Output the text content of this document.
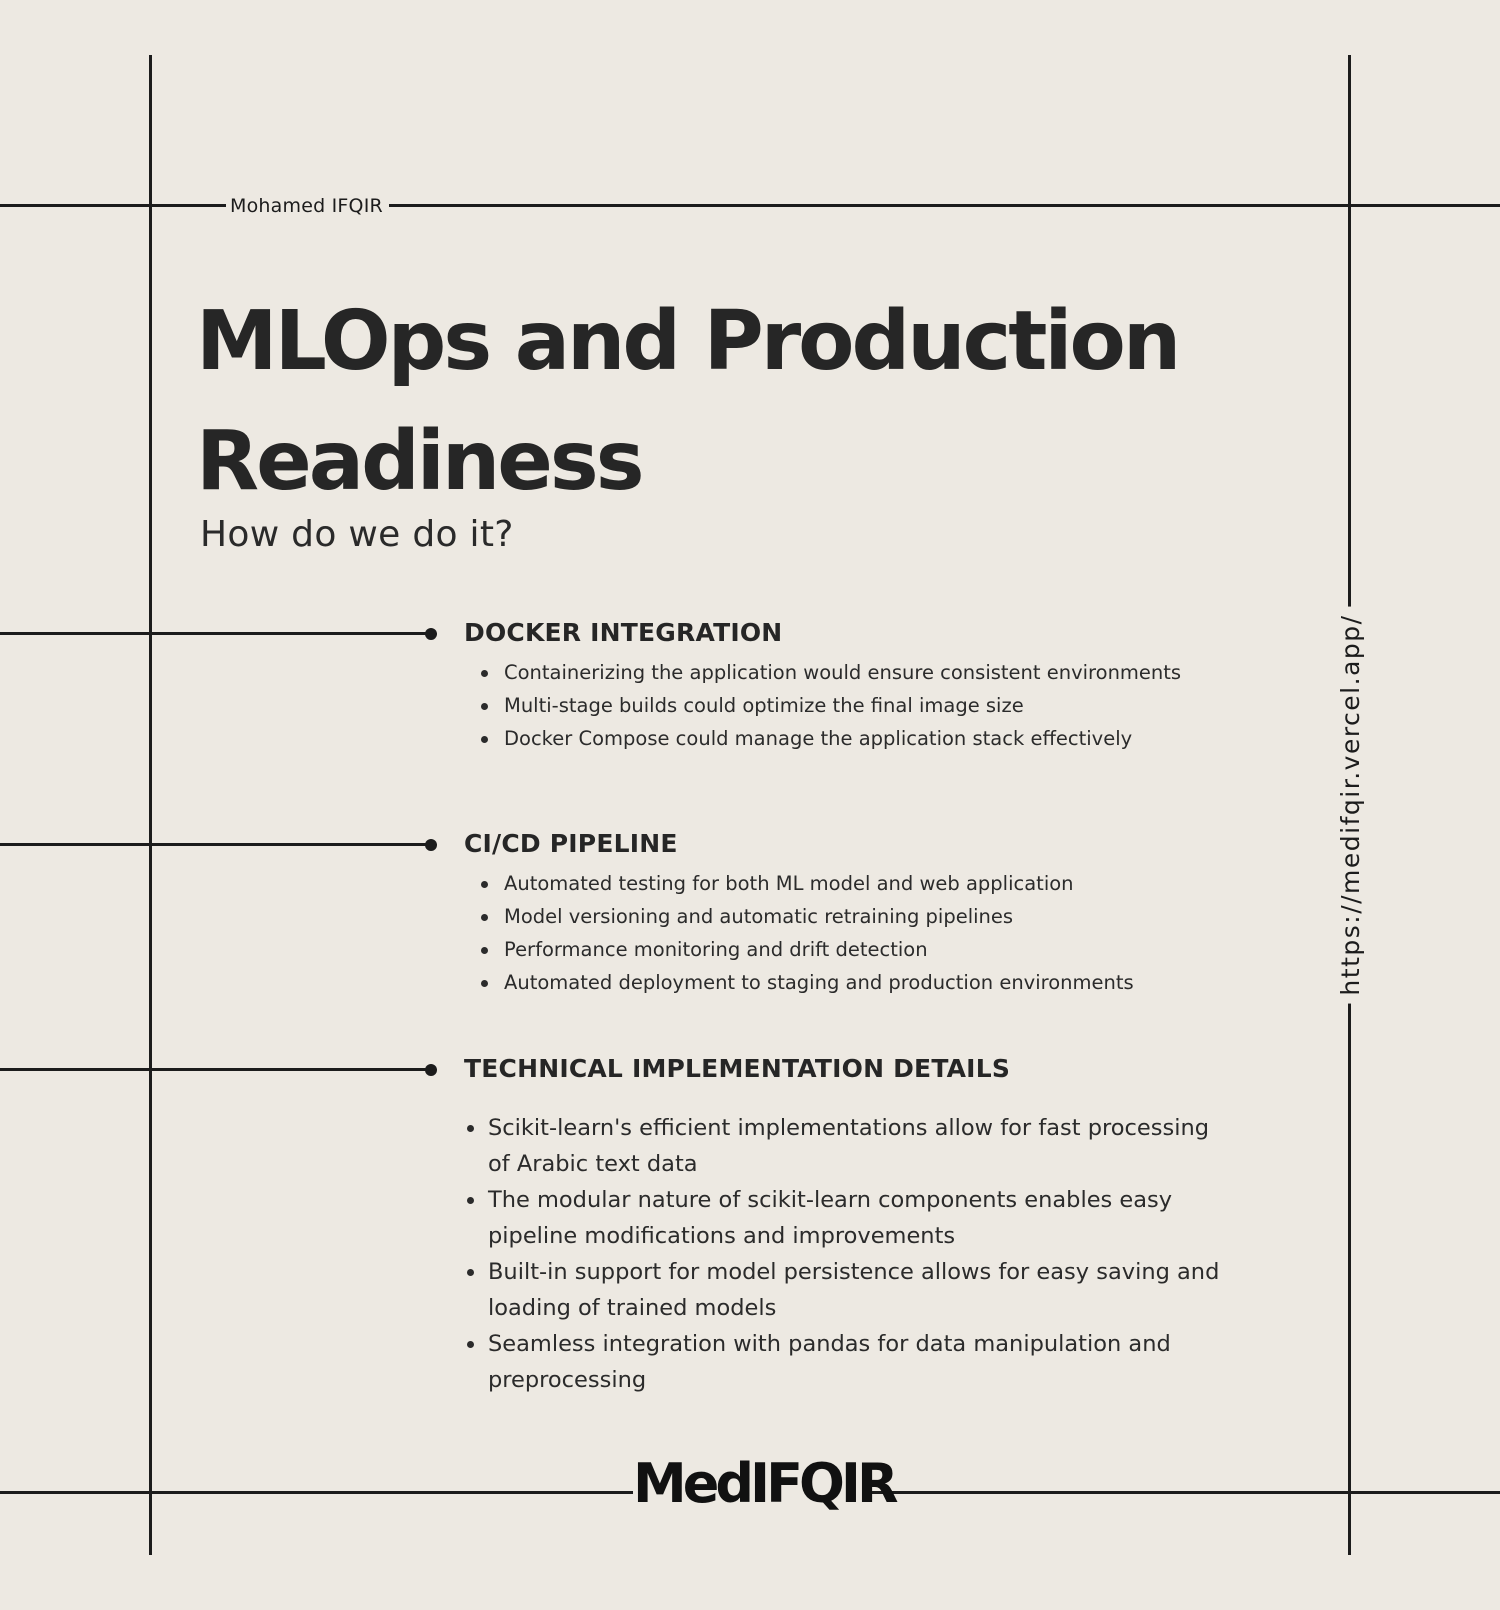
Mohamed IFQIR
MLOps and Production Readiness

How do we do it?

DOCKER INTEGRATION
Containerizing the application would ensure consistent environments
Multi-stage builds could optimize the final image size
Docker Compose could manage the application stack effectively
CI/CD PIPELINE
Automated testing for both ML model and web application
Model versioning and automatic retraining pipelines
Performance monitoring and drift detection
Automated deployment to staging and production environments
TECHNICAL IMPLEMENTATION DETAILS
Scikit-learn's efficient implementations allow for fast processing of Arabic text data
The modular nature of scikit-learn components enables easy pipeline modifications and improvements
Built-in support for model persistence allows for easy saving and loading of trained models
Seamless integration with pandas for data manipulation and preprocessing
https://medifqir.vercel.app/
MedIFQIR
